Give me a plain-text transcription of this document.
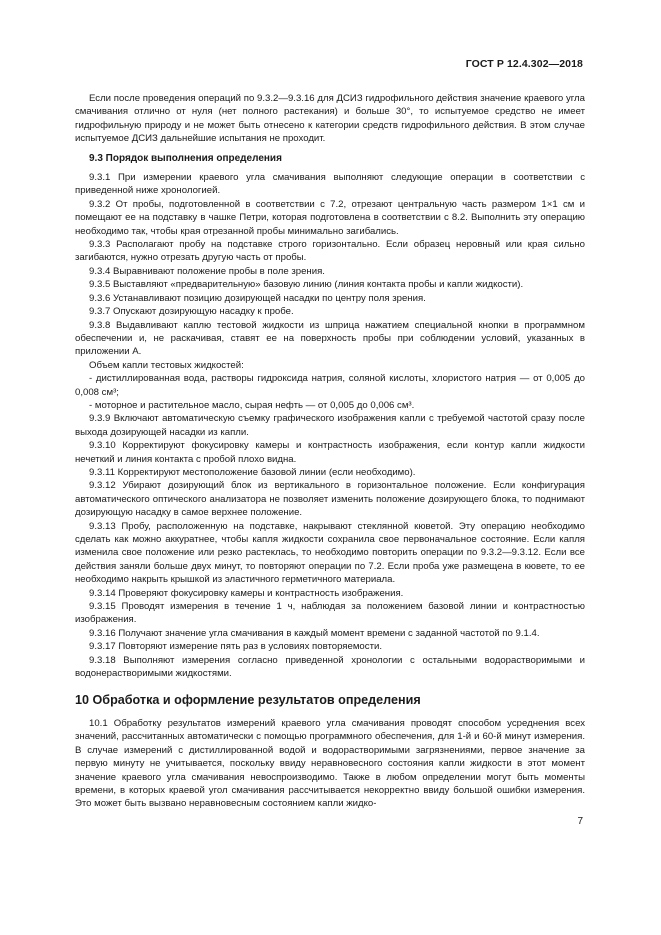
ГОСТ Р 12.4.302—2018

Если после проведения операций по 9.3.2—9.3.16 для ДСИЗ гидрофильного действия значение краевого угла смачивания отлично от нуля (нет полного растекания) и больше 30°, то испытуемое средство не имеет гидрофильную природу и не может быть отнесено к категории средств гидрофильного действия. В этом случае испытуемое ДСИЗ дальнейшие испытания не проходит.

9.3 Порядок выполнения определения

9.3.1 При измерении краевого угла смачивания выполняют следующие операции в соответствии с приведенной ниже хронологией.

9.3.2 От пробы, подготовленной в соответствии с 7.2, отрезают центральную часть размером 1×1 см и помещают ее на подставку в чашке Петри, которая подготовлена в соответствии с 8.2. Выполнить эту операцию необходимо так, чтобы края отрезанной пробы минимально загибались.

9.3.3 Располагают пробу на подставке строго горизонтально. Если образец неровный или края сильно загибаются, нужно отрезать другую часть от пробы.

9.3.4 Выравнивают положение пробы в поле зрения.

9.3.5 Выставляют «предварительную» базовую линию (линия контакта пробы и капли жидкости).

9.3.6 Устанавливают позицию дозирующей насадки по центру поля зрения.

9.3.7 Опускают дозирующую насадку к пробе.

9.3.8 Выдавливают каплю тестовой жидкости из шприца нажатием специальной кнопки в программном обеспечении и, не раскачивая, ставят ее на поверхность пробы при соблюдении условий, указанных в приложении А.

Объем капли тестовых жидкостей:

- дистиллированная вода, растворы гидроксида натрия, соляной кислоты, хлористого натрия — от 0,005 до 0,008 см³;

- моторное и растительное масло, сырая нефть — от 0,005 до 0,006 см³.

9.3.9 Включают автоматическую съемку графического изображения капли с требуемой частотой сразу после выхода дозирующей насадки из капли.

9.3.10 Корректируют фокусировку камеры и контрастность изображения, если контур капли жидкости нечеткий и линия контакта с пробой плохо видна.

9.3.11 Корректируют местоположение базовой линии (если необходимо).

9.3.12 Убирают дозирующий блок из вертикального в горизонтальное положение. Если конфигурация автоматического оптического анализатора не позволяет изменить положение дозирующего блока, то поднимают дозирующую насадку в самое верхнее положение.

9.3.13 Пробу, расположенную на подставке, накрывают стеклянной кюветой. Эту операцию необходимо сделать как можно аккуратнее, чтобы капля жидкости сохранила свое первоначальное состояние. Если капля изменила свое положение или резко растеклась, то необходимо повторить операции по 9.3.2—9.3.12. Если все действия заняли больше двух минут, то повторяют операции по 7.2. Если проба уже размещена в кювете, то ее необходимо накрыть крышкой из эластичного герметичного материала.

9.3.14 Проверяют фокусировку камеры и контрастность изображения.

9.3.15 Проводят измерения в течение 1 ч, наблюдая за положением базовой линии и контрастностью изображения.

9.3.16 Получают значение угла смачивания в каждый момент времени с заданной частотой по 9.1.4.

9.3.17 Повторяют измерение пять раз в условиях повторяемости.

9.3.18 Выполняют измерения согласно приведенной хронологии с остальными водорастворимыми и водонерастворимыми жидкостями.

10 Обработка и оформление результатов определения

10.1 Обработку результатов измерений краевого угла смачивания проводят способом усреднения всех значений, рассчитанных автоматически с помощью программного обеспечения, для 1-й и 60-й минут измерения. В случае измерений с дистиллированной водой и водорастворимыми загрязнениями, первое значение за первую минуту не учитывается, поскольку ввиду неравновесного состояния капли жидкости в этот момент значение краевого угла смачивания невоспроизводимо. Также в любом определении могут быть моменты времени, в которых краевой угол смачивания рассчитывается некорректно ввиду большой ошибки измерения. Это может быть вызвано неравновесным состоянием капли жидко-

7
